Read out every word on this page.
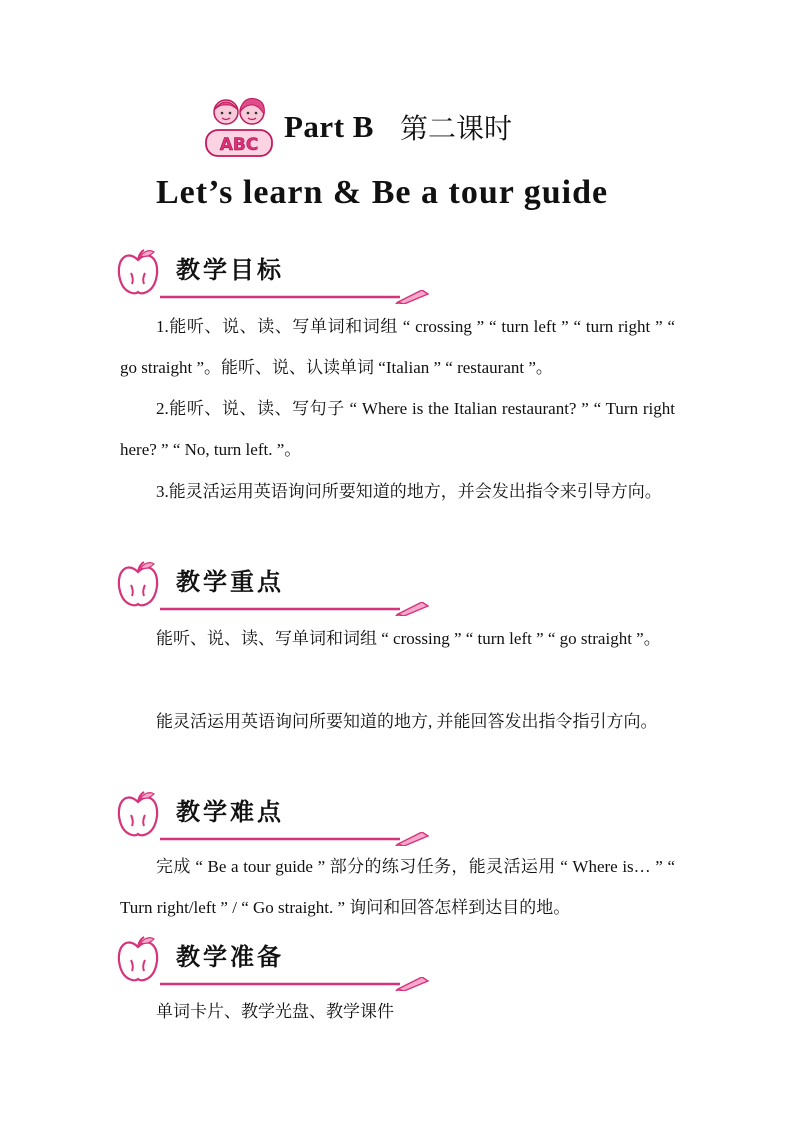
ABC
Part B 第二课时
Let’s learn & Be a tour guide
教学目标
1.能听、说、读、写单词和词组 “ crossing ” “ turn left ” “ turn right ” “ go straight ”。能听、说、认读单词 “Italian ” “ restaurant ”。
2.能听、说、读、写句子 “ Where is the Italian restaurant? ” “ Turn right here? ” “ No, turn left. ”。
3.能灵活运用英语询问所要知道的地方，并会发出指令来引导方向。
教学重点
能听、说、读、写单词和词组 “ crossing ” “ turn left ” “ go straight ”。
能灵活运用英语询问所要知道的地方, 并能回答发出指令指引方向。
教学难点
完成 “ Be a tour guide ” 部分的练习任务，能灵活运用 “ Where is… ” “ Turn right/left ” / “ Go straight. ” 询问和回答怎样到达目的地。
教学准备
单词卡片、教学光盘、教学课件
